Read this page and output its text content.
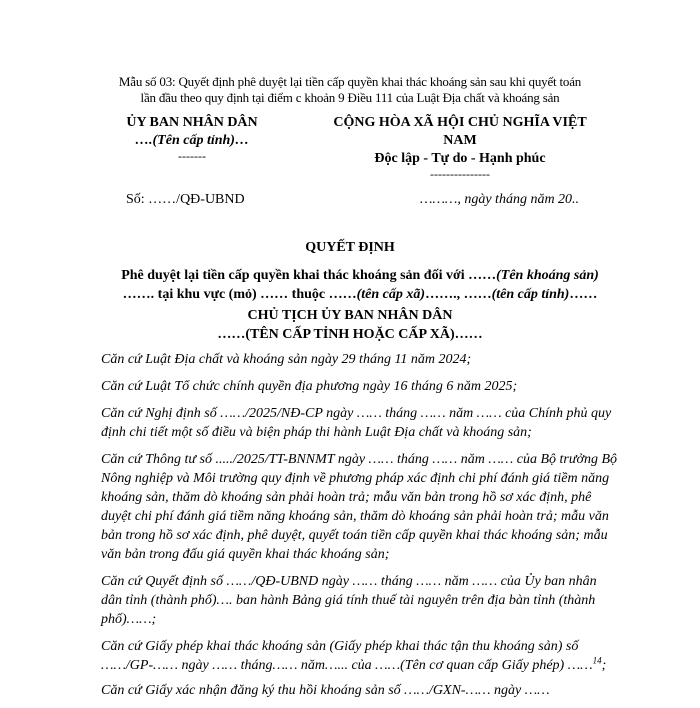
Mẫu số 03: Quyết định phê duyệt lại tiền cấp quyền khai thác khoáng sản sau khi quyết toán
lần đầu theo quy định tại điểm c khoản 9 Điều 111 của Luật Địa chất và khoáng sản
ỦY BAN NHÂN DÂN
….(Tên cấp tỉnh)…
-------
CỘNG HÒA XÃ HỘI CHỦ NGHĨA VIỆT
NAM
Độc lập - Tự do - Hạnh phúc
---------------
Số: ……/QĐ-UBND	………, ngày tháng năm 20..
QUYẾT ĐỊNH
Phê duyệt lại tiền cấp quyền khai thác khoáng sản đối với ……(Tên khoáng sản)
……. tại khu vực (mỏ) …… thuộc ……(tên cấp xã)……., ……(tên cấp tỉnh)……
CHỦ TỊCH ỦY BAN NHÂN DÂN
……(TÊN CẤP TỈNH HOẶC CẤP XÃ)……

Căn cứ Luật Địa chất và khoáng sản ngày 29 tháng 11 năm 2024;

Căn cứ Luật Tổ chức chính quyền địa phương ngày 16 tháng 6 năm 2025;

Căn cứ Nghị định số ……/2025/NĐ-CP ngày …… tháng …… năm …… của Chính phủ quy định chi tiết một số điều và biện pháp thi hành Luật Địa chất và khoáng sản;

Căn cứ Thông tư số ...../2025/TT-BNNMT ngày …… tháng …… năm …… của Bộ trưởng Bộ Nông nghiệp và Môi trường quy định về phương pháp xác định chi phí đánh giá tiềm năng khoáng sản, thăm dò khoáng sản phải hoàn trả; mẫu văn bản trong hồ sơ xác định, phê duyệt chi phí đánh giá tiềm năng khoáng sản, thăm dò khoáng sản phải hoàn trả; mẫu văn bản trong hồ sơ xác định, phê duyệt, quyết toán tiền cấp quyền khai thác khoáng sản; mẫu văn bản trong đấu giá quyền khai thác khoáng sản;

Căn cứ Quyết định số ……/QĐ-UBND ngày …… tháng …… năm …… của Ủy ban nhân dân tỉnh (thành phố)…. ban hành Bảng giá tính thuế tài nguyên trên địa bàn tỉnh (thành phố)……;

Căn cứ Giấy phép khai thác khoáng sản (Giấy phép khai thác tận thu khoáng sản) số ……/GP-…… ngày …… tháng…… năm…... của ……(Tên cơ quan cấp Giấy phép) ……$^{14}$;

Căn cứ Giấy xác nhận đăng ký thu hồi khoáng sản số ……/GXN-…… ngày ……
